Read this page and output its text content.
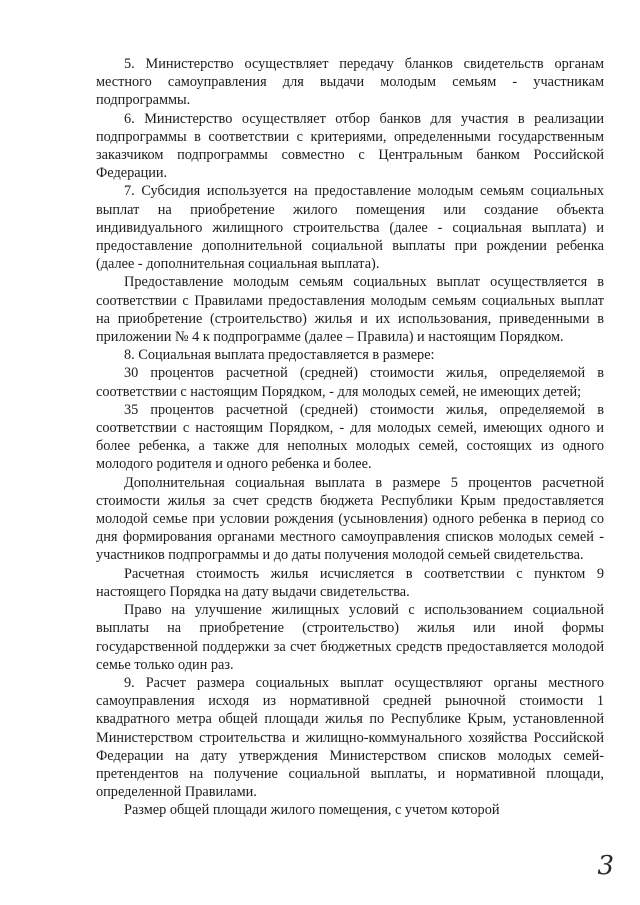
5. Министерство осуществляет передачу бланков свидетельств органам местного самоуправления для выдачи молодым семьям - участникам подпрограммы.

6. Министерство осуществляет отбор банков для участия в реализации подпрограммы в соответствии с критериями, определенными государственным заказчиком подпрограммы совместно с Центральным банком Российской Федерации.

7. Субсидия используется на предоставление молодым семьям социальных выплат на приобретение жилого помещения или создание объекта индивидуального жилищного строительства (далее - социальная выплата) и предоставление дополнительной социальной выплаты при рождении ребенка (далее - дополнительная социальная выплата).

Предоставление молодым семьям социальных выплат осуществляется в соответствии с Правилами предоставления молодым семьям социальных выплат на приобретение (строительство) жилья и их использования, приведенными в приложении № 4 к подпрограмме (далее – Правила) и настоящим Порядком.

8. Социальная выплата предоставляется в размере:

30 процентов расчетной (средней) стоимости жилья, определяемой в соответствии с настоящим Порядком, - для молодых семей, не имеющих детей;

35 процентов расчетной (средней) стоимости жилья, определяемой в соответствии с настоящим Порядком, - для молодых семей, имеющих одного и более ребенка, а также для неполных молодых семей, состоящих из одного молодого родителя и одного ребенка и более.

Дополнительная социальная выплата в размере 5 процентов расчетной стоимости жилья за счет средств бюджета Республики Крым предоставляется молодой семье при условии рождения (усыновления) одного ребенка в период со дня формирования органами местного самоуправления списков молодых семей - участников подпрограммы и до даты получения молодой семьей свидетельства.

Расчетная стоимость жилья исчисляется в соответствии с пунктом 9 настоящего Порядка на дату выдачи свидетельства.

Право на улучшение жилищных условий с использованием социальной выплаты на приобретение (строительство) жилья или иной формы государственной поддержки за счет бюджетных средств предоставляется молодой семье только один раз.

9. Расчет размера социальных выплат осуществляют органы местного самоуправления исходя из нормативной средней рыночной стоимости 1 квадратного метра общей площади жилья по Республике Крым, установленной Министерством строительства и жилищно-коммунального хозяйства Российской Федерации на дату утверждения Министерством списков молодых семей-претендентов на получение социальной выплаты, и нормативной площади, определенной Правилами.

Размер общей площади жилого помещения, с учетом которой

3
